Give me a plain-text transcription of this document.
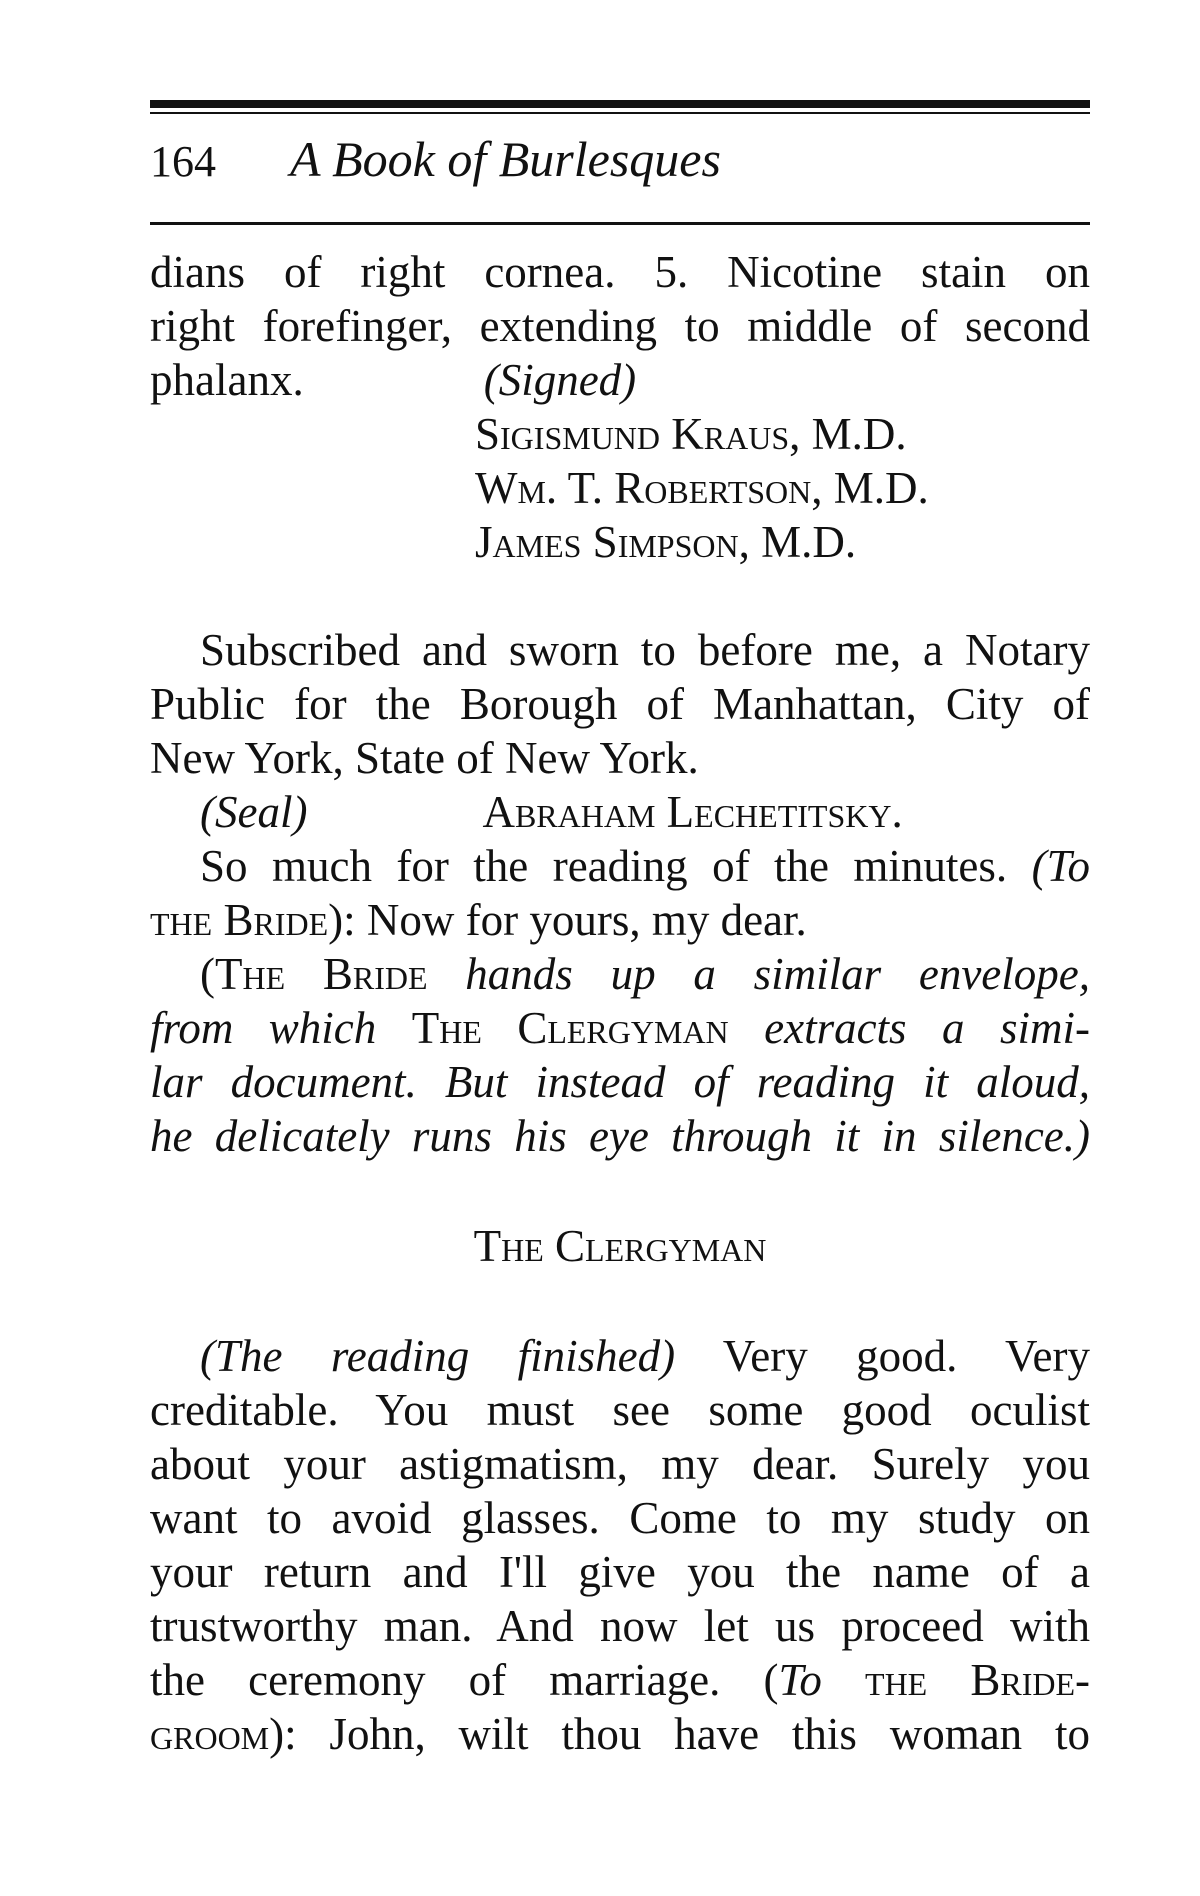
164	A Book of Burlesques
dians of right cornea. 5. Nicotine stain on
right forefinger, extending to middle of second
phalanx.	(Signed)
Sigismund Kraus, M.D.
Wm. T. Robertson, M.D.
James Simpson, M.D.
Subscribed and sworn to before me, a Notary
Public for the Borough of Manhattan, City of
New York, State of New York.
(Seal)	Abraham Lechetitsky.
So much for the reading of the minutes. (To
the Bride): Now for yours, my dear.
(The Bride hands up a similar envelope,
from which The Clergyman extracts a simi-
lar document. But instead of reading it aloud,
he delicately runs his eye through it in silence.)
The Clergyman
(The reading finished) Very good. Very
creditable. You must see some good oculist
about your astigmatism, my dear. Surely you
want to avoid glasses. Come to my study on
your return and I'll give you the name of a
trustworthy man. And now let us proceed with
the ceremony of marriage. (To the Bride-
groom): John, wilt thou have this woman to
